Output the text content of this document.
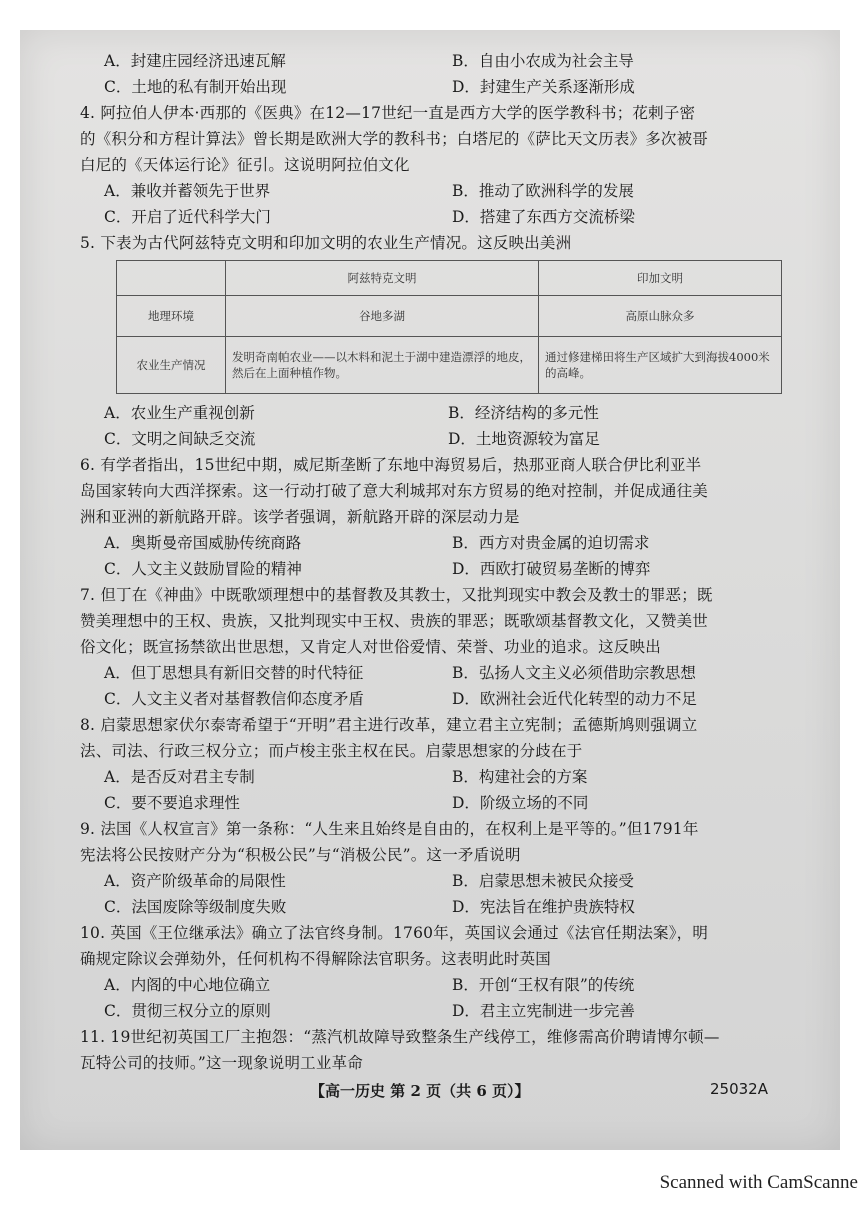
A．封建庄园经济迅速瓦解	B．自由小农成为社会主导
C．土地的私有制开始出现	D．封建生产关系逐渐形成
4. 阿拉伯人伊本·西那的《医典》在12—17世纪一直是西方大学的医学教科书；花剌子密
的《积分和方程计算法》曾长期是欧洲大学的教科书；白塔尼的《萨比天文历表》多次被哥
白尼的《天体运行论》征引。这说明阿拉伯文化
A．兼收并蓄领先于世界	B．推动了欧洲科学的发展
C．开启了近代科学大门	D．搭建了东西方交流桥梁
5. 下表为古代阿兹特克文明和印加文明的农业生产情况。这反映出美洲
	阿兹特克文明	印加文明
地理环境	谷地多湖	高原山脉众多
农业生产情况	发明奇南帕农业——以木料和泥土于湖中建造漂浮的地皮，然后在上面种植作物。	通过修建梯田将生产区域扩大到海拔4000米的高峰。
A．农业生产重视创新	B．经济结构的多元性
C．文明之间缺乏交流	D．土地资源较为富足
6. 有学者指出，15世纪中期，威尼斯垄断了东地中海贸易后，热那亚商人联合伊比利亚半
岛国家转向大西洋探索。这一行动打破了意大利城邦对东方贸易的绝对控制，并促成通往美
洲和亚洲的新航路开辟。该学者强调，新航路开辟的深层动力是
A．奥斯曼帝国威胁传统商路	B．西方对贵金属的迫切需求
C．人文主义鼓励冒险的精神	D．西欧打破贸易垄断的博弈
7. 但丁在《神曲》中既歌颂理想中的基督教及其教士，又批判现实中教会及教士的罪恶；既
赞美理想中的王权、贵族，又批判现实中王权、贵族的罪恶；既歌颂基督教文化，又赞美世
俗文化；既宣扬禁欲出世思想，又肯定人对世俗爱情、荣誉、功业的追求。这反映出
A．但丁思想具有新旧交替的时代特征	B．弘扬人文主义必须借助宗教思想
C．人文主义者对基督教信仰态度矛盾	D．欧洲社会近代化转型的动力不足
8. 启蒙思想家伏尔泰寄希望于“开明”君主进行改革，建立君主立宪制；孟德斯鸠则强调立
法、司法、行政三权分立；而卢梭主张主权在民。启蒙思想家的分歧在于
A．是否反对君主专制	B．构建社会的方案
C．要不要追求理性	D．阶级立场的不同
9. 法国《人权宣言》第一条称：“人生来且始终是自由的，在权利上是平等的。”但1791年
宪法将公民按财产分为“积极公民”与“消极公民”。这一矛盾说明
A．资产阶级革命的局限性	B．启蒙思想未被民众接受
C．法国废除等级制度失败	D．宪法旨在维护贵族特权
10. 英国《王位继承法》确立了法官终身制。1760年，英国议会通过《法官任期法案》，明
确规定除议会弹劾外，任何机构不得解除法官职务。这表明此时英国
A．内阁的中心地位确立	B．开创“王权有限”的传统
C．贯彻三权分立的原则	D．君主立宪制进一步完善
11. 19世纪初英国工厂主抱怨：“蒸汽机故障导致整条生产线停工，维修需高价聘请博尔顿—
瓦特公司的技师。”这一现象说明工业革命
【高一历史 第 2 页（共 6 页）】	25032A
Scanned with CamScanne
